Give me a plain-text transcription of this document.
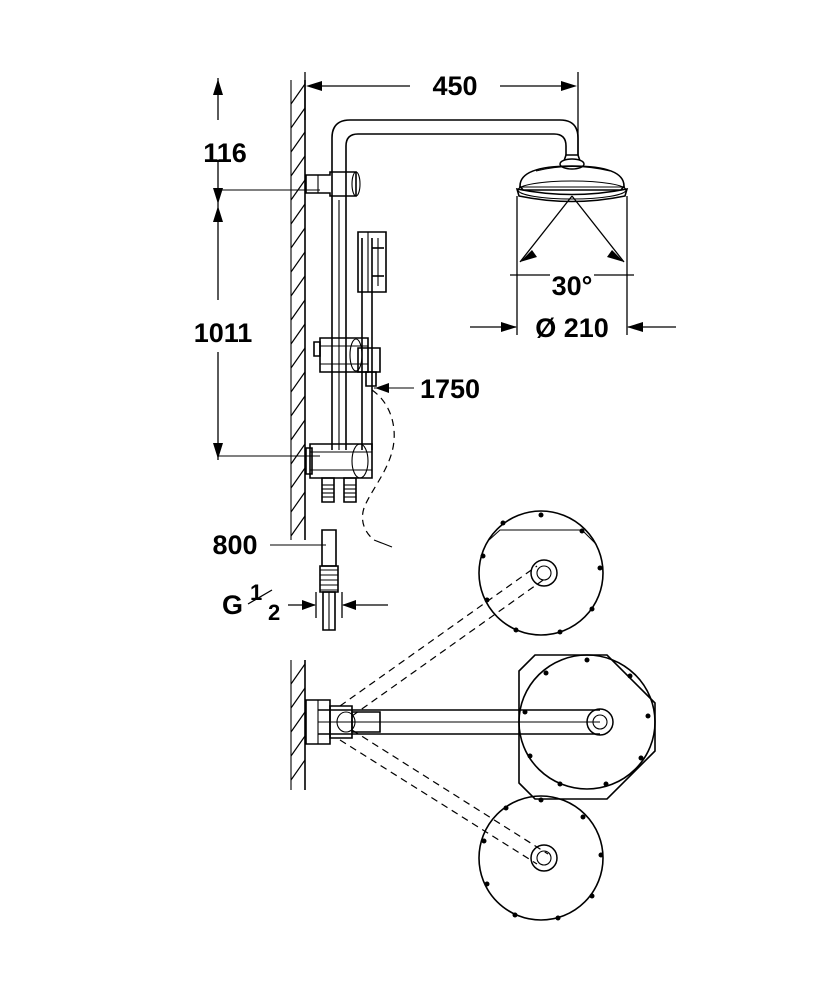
450
116
1011
30°
Ø 210
1750
800
G 1
2
